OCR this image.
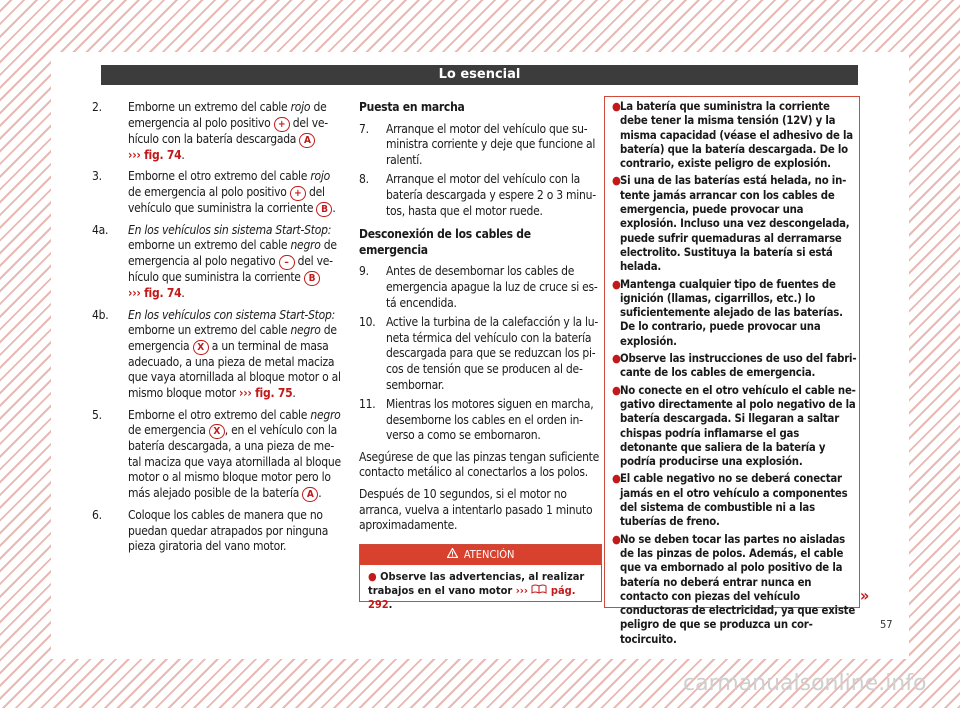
Lo esencial
2.	Emborne un extremo del cable rojo de emergencia al polo positivo + del vehículo con la batería descargada A
››› fig. 74.
3.	Emborne el otro extremo del cable rojo de emergencia al polo positivo + del vehículo que suministra la corriente B .
4a.	En los vehículos sin sistema Start-Stop: emborne un extremo del cable negro de emergencia al polo negativo – del vehículo que suministra la corriente B
››› fig. 74.
4b.	En los vehículos con sistema Start-Stop: emborne un extremo del cable negro de emergencia X a un terminal de masa adecuado, a una pieza de metal maciza que vaya atornillada al bloque motor o al mismo bloque motor ››› fig. 75.
5.	Emborne el otro extremo del cable negro de emergencia X , en el vehículo con la batería descargada, a una pieza de metal maciza que vaya atornillada al bloque motor o al mismo bloque motor pero lo más alejado posible de la batería A .
6.	Coloque los cables de manera que no puedan quedar atrapados por ninguna pieza giratoria del vano motor.
Puesta en marcha
7. Arranque el motor del vehículo que suministra corriente y deje que funcione al ralentí.
8. Arranque el motor del vehículo con la batería descargada y espere 2 o 3 minutos, hasta que el motor ruede.
Desconexión de los cables de emergencia
9. Antes de desembornar los cables de emergencia apague la luz de cruce si está encendida.
10. Active la turbina de la calefacción y la luneta térmica del vehículo con la batería descargada para que se reduzcan los picos de tensión que se producen al desembornar.
11. Mientras los motores siguen en marcha, desemborne los cables en el orden inverso a como se embornaron.

Asegúrese de que las pinzas tengan suficiente contacto metálico al conectarlos a los polos.

Después de 10 segundos, si el motor no arranca, vuelva a intentarlo pasado 1 minuto aproximadamente.

ATENCIÓN
● Observe las advertencias, al realizar trabajos en el vano motor ›››  pág. 292.
● La batería que suministra la corriente debe tener la misma tensión (12V) y la misma capacidad (véase el adhesivo de la batería) que la batería descargada. De lo contrario, existe peligro de explosión.
● Si una de las baterías está helada, no intente jamás arrancar con los cables de emergencia, puede provocar una explosión. Incluso una vez descongelada, puede sufrir quemaduras al derramarse electrolito. Sustituya la batería si está helada.
● Mantenga cualquier tipo de fuentes de ignición (llamas, cigarrillos, etc.) lo suficientemente alejado de las baterías. De lo contrario, puede provocar una explosión.
● Observe las instrucciones de uso del fabricante de los cables de emergencia.
● No conecte en el otro vehículo el cable negativo directamente al polo negativo de la batería descargada. Si llegaran a saltar chispas podría inflamarse el gas detonante que saliera de la batería y podría producirse una explosión.
● El cable negativo no se deberá conectar jamás en el otro vehículo a componentes del sistema de combustible ni a las tuberías de freno.
● No se deben tocar las partes no aisladas de las pinzas de polos. Además, el cable que va embornado al polo positivo de la batería no deberá entrar nunca en contacto con piezas del vehículo conductoras de electricidad, ya que existe peligro de que se produzca un cortocircuito.
»
57
carmanualsonline.info
